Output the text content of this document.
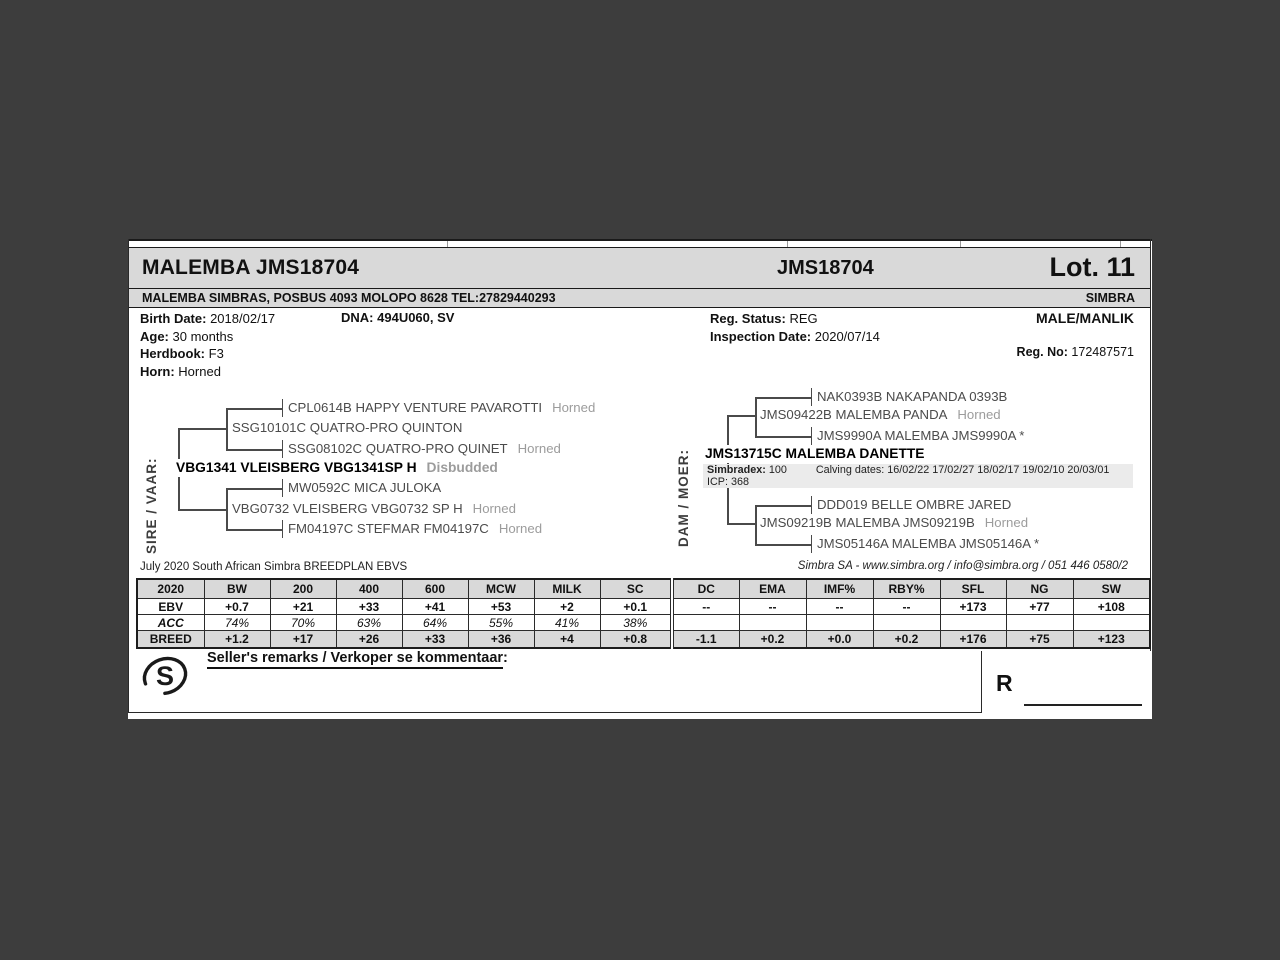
MALEMBA JMS18704	JMS18704	Lot. 11
MALEMBA SIMBRAS, POSBUS 4093 MOLOPO 8628 TEL:27829440293	SIMBRA
Birth Date: 2018/02/17	DNA: 494U060, SV
Age: 30 months
Herdbook: F3
Horn: Horned
Reg. Status: REG
Inspection Date: 2020/07/14
MALE/MANLIK
Reg. No: 172487571
SIRE / VAAR:	DAM / MOER:
CPL0614B HAPPY VENTURE PAVAROTTI Horned
SSG10101C QUATRO-PRO QUINTON
SSG08102C QUATRO-PRO QUINET Horned
VBG1341 VLEISBERG VBG1341SP H Disbudded
MW0592C MICA JULOKA
VBG0732 VLEISBERG VBG0732 SP H Horned
FM04197C STEFMAR FM04197C Horned
NAK0393B NAKAPANDA 0393B
JMS09422B MALEMBA PANDA Horned
JMS9990A MALEMBA JMS9990A *
JMS13715C MALEMBA DANETTE
DDD019 BELLE OMBRE JARED
JMS09219B MALEMBA JMS09219B Horned
JMS05146A MALEMBA JMS05146A *
Simbradex: 100	Calving dates: 16/02/22 17/02/27 18/02/17 19/02/10 20/03/01
ICP: 368
July 2020 South African Simbra BREEDPLAN EBVS	Simbra SA - www.simbra.org / info@simbra.org / 051 446 0580/2
2020	BW	200	400	600	MCW	MILK	SC	DC	EMA	IMF%	RBY%	SFL	NG	SW
EBV	+0.7	+21	+33	+41	+53	+2	+0.1	--	--	--	--	+173	+77	+108
ACC	74%	70%	63%	64%	55%	41%	38%							
BREED	+1.2	+17	+26	+33	+36	+4	+0.8	-1.1	+0.2	+0.0	+0.2	+176	+75	+123
S
Seller's remarks / Verkoper se kommentaar:
R
